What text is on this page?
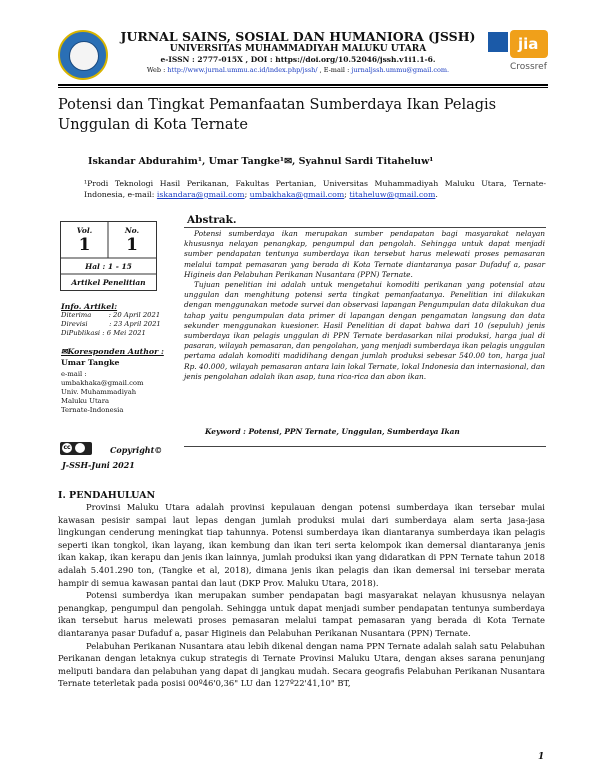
JURNAL SAINS, SOSIAL DAN HUMANIORA (JSSH)
UNIVERSITAS MUHAMMADIYAH MALUKU UTARA
e-ISSN : 2777-015X , DOI : https://doi.org/10.52046/jssh.v1i1.1-6.
Web : http://www.jurnal.ummu.ac.id/index.php/jssh/ , E-mail : jurnaljssh.ummu@gmail.com.
jia
Crossref
Potensi dan Tingkat Pemanfaatan Sumberdaya Ikan Pelagis Unggulan di Kota Ternate
Iskandar Abdurahim¹, Umar Tangke¹✉, Syahnul Sardi Titaheluw¹
¹Prodi Teknologi Hasil Perikanan, Fakultas Pertanian, Universitas Muhammadiyah Maluku Utara, Ternate-Indonesia, e-mail: iskandara@gmail.com; umbakhaka@gmail.com; titaheluw@gmail.com.
Vol.	No.
1	1
Hal : 1 - 15
Artikel Penelitian
Info. Artikel:
Diterima        : 20 April 2021
Direvisi          : 23 April 2021
DiPublikasi : 6 Mei 2021
✉Koresponden Author :
Umar Tangke
e-mail :
umbakhaka@gmail.com
Univ. Muhammadiyah
Maluku Utara
Ternate-Indonesia
Abstrak.

Potensi sumberdaya ikan merupakan sumber pendapatan bagi masyarakat nelayan khususnya nelayan penangkap, pengumpul dan pengolah. Sehingga untuk dapat menjadi sumber pendapatan tentunya sumberdaya ikan tersebut harus melewati proses pemasaran melalui tampat pemasaran yang berada di Kota Ternate diantaranya pasar Dufaduf a, pasar Higineis dan Pelabuhan Perikanan Nusantara (PPN) Ternate.

Tujuan penelitian ini adalah untuk mengetahui komoditi perikanan yang potensial atau unggulan dan menghitung potensi serta tingkat pemanfaatanya. Penelitian ini dilakukan dengan menggunakan metode survei dan observasi lapangan Pengumpulan data dilakukan dua tahap yaitu pengumpulan data primer di lapangan dengan pengamatan langsung dan data sekunder menggunakan kuesioner. Hasil Penelitian di dapat bahwa dari 10 (sepuluh) jenis sumberdaya ikan pelagis unggulan di PPN Ternate berdasarkan nilai produksi, harga jual di pasaran, wilayah pemasaran, dan pengolahan, yang menjadi sumberdaya ikan pelagis unggulan pertama adalah komoditi madidihang dengan jumlah produksi sebesar 540.00 ton, harga jual Rp. 40.000, wilayah pemasaran antara lain lokal Ternate, lokal Indonesia dan internasional, dan jenis pengolahan adalah ikan asap, tuna rica-rica dan abon ikan.

Keyword : Potensi, PPN Ternate, Unggulan, Sumberdaya Ikan
cc	Copyright©
J-SSH-Juni 2021
I. PENDAHULUAN

Provinsi Maluku Utara adalah provinsi kepulauan dengan potensi sumberdaya ikan tersebar mulai kawasan pesisir sampai laut lepas dengan jumlah produksi mulai dari sumberdaya alam serta jasa-jasa lingkungan cenderung meningkat tiap tahunnya. Potensi sumberdaya ikan diantaranya sumberdaya ikan pelagis seperti ikan tongkol, ikan layang, ikan kembung dan ikan teri serta kelompok ikan demersal diantaranya jenis ikan kakap, ikan kerapu dan jenis ikan lainnya, jumlah produksi ikan yang didaratkan di PPN Ternate tahun 2018 adalah 5.401.290 ton, (Tangke et al, 2018), dimana jenis ikan pelagis dan ikan demersal ini tersebar merata hampir di semua kawasan pantai dan laut (DKP Prov. Maluku Utara, 2018).

Potensi sumberdya ikan merupakan sumber pendapatan bagi masyarakat nelayan khususnya nelayan penangkap, pengumpul dan pengolah. Sehingga untuk dapat menjadi sumber pendapatan tentunya sumberdaya ikan tersebut harus melewati proses pemasaran melalui tampat pemasaran yang berada di Kota Ternate diantaranya pasar Dufaduf a, pasar Higineis dan Pelabuhan Perikanan Nusantara (PPN) Ternate.

Pelabuhan Perikanan Nusantara atau lebih dikenal dengan nama PPN Ternate adalah salah satu Pelabuhan Perikanan dengan letaknya cukup strategis di Ternate Provinsi Maluku Utara, dengan akses sarana penunjang meliputi bandara dan pelabuhan yang dapat di jangkau mudah. Secara geografis Pelabuhan Perikanan Nusantara Ternate teterletak pada posisi 00º46'0,36" LU dan 127º22'41,10" BT,

1
